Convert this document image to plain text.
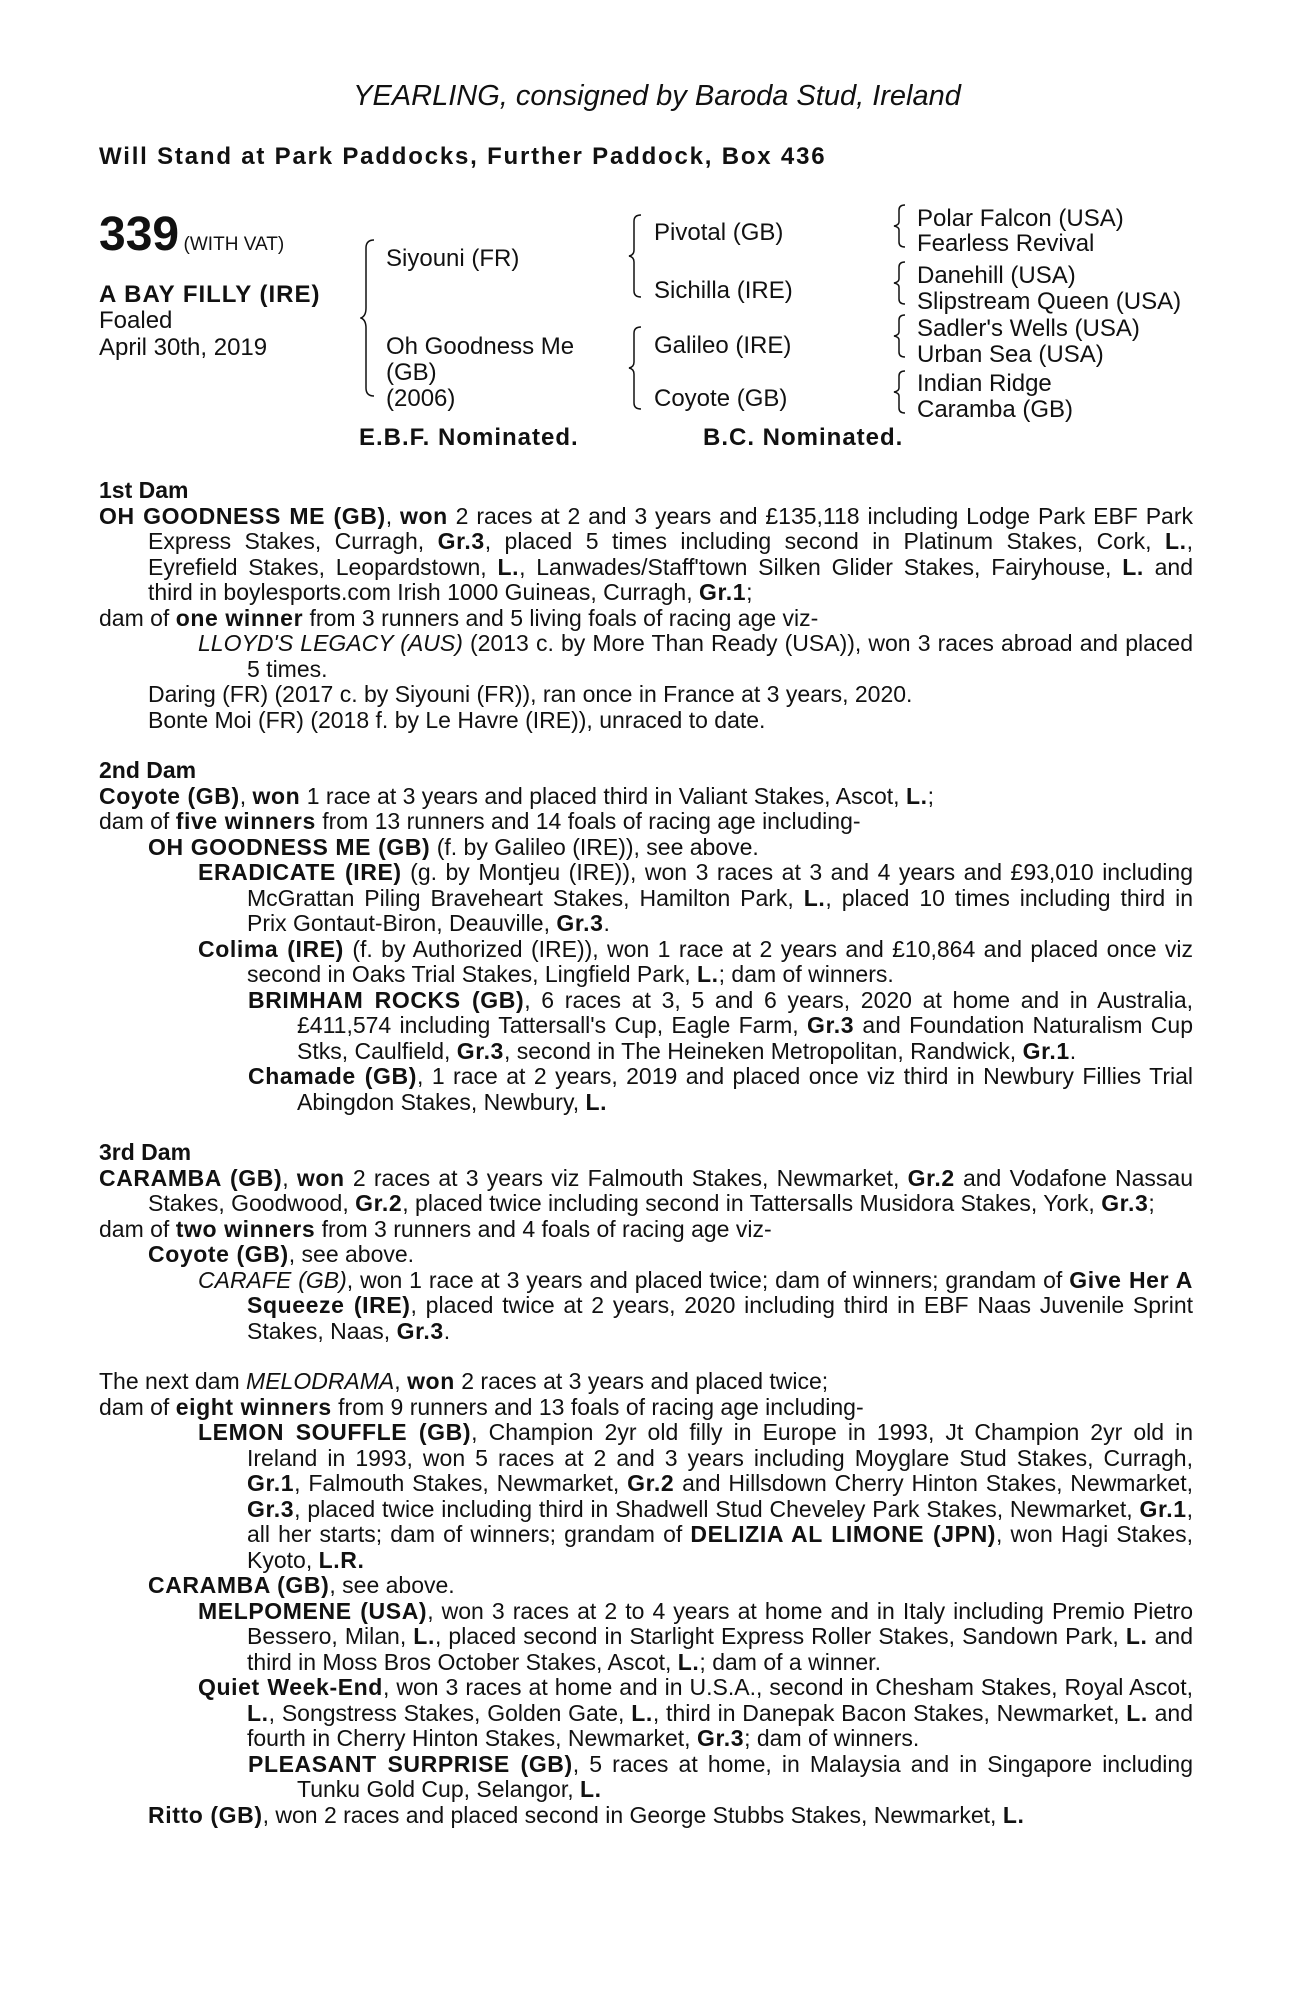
YEARLING, consigned by Baroda Stud, Ireland
Will Stand at Park Paddocks, Further Paddock, Box 436
339 (WITH VAT)
A BAY FILLY (IRE)
Foaled
April 30th, 2019
Siyouni (FR)
Oh Goodness Me
(GB)
(2006)
Pivotal (GB)
Sichilla (IRE)
Galileo (IRE)
Coyote (GB)
Polar Falcon (USA)
Fearless Revival
Danehill (USA)
Slipstream Queen (USA)
Sadler's Wells (USA)
Urban Sea (USA)
Indian Ridge
Caramba (GB)
E.B.F. Nominated.	B.C. Nominated.

1st Dam

OH GOODNESS ME (GB), won 2 races at 2 and 3 years and £135,118 including Lodge Park EBF Park Express Stakes, Curragh, Gr.3, placed 5 times including second in Platinum Stakes, Cork, L., Eyrefield Stakes, Leopardstown, L., Lanwades/Staff'town Silken Glider Stakes, Fairyhouse, L. and third in boylesports.com Irish 1000 Guineas, Curragh, Gr.1;

dam of one winner from 3 runners and 5 living foals of racing age viz-

LLOYD'S LEGACY (AUS) (2013 c. by More Than Ready (USA)), won 3 races abroad and placed 5 times.

Daring (FR) (2017 c. by Siyouni (FR)), ran once in France at 3 years, 2020.

Bonte Moi (FR) (2018 f. by Le Havre (IRE)), unraced to date.

2nd Dam

Coyote (GB), won 1 race at 3 years and placed third in Valiant Stakes, Ascot, L.;

dam of five winners from 13 runners and 14 foals of racing age including-

OH GOODNESS ME (GB) (f. by Galileo (IRE)), see above.

ERADICATE (IRE) (g. by Montjeu (IRE)), won 3 races at 3 and 4 years and £93,010 including McGrattan Piling Braveheart Stakes, Hamilton Park, L., placed 10 times including third in Prix Gontaut-Biron, Deauville, Gr.3.

Colima (IRE) (f. by Authorized (IRE)), won 1 race at 2 years and £10,864 and placed once viz second in Oaks Trial Stakes, Lingfield Park, L.; dam of winners.

BRIMHAM ROCKS (GB), 6 races at 3, 5 and 6 years, 2020 at home and in Australia, £411,574 including Tattersall's Cup, Eagle Farm, Gr.3 and Foundation Naturalism Cup Stks, Caulfield, Gr.3, second in The Heineken Metropolitan, Randwick, Gr.1.

Chamade (GB), 1 race at 2 years, 2019 and placed once viz third in Newbury Fillies Trial Abingdon Stakes, Newbury, L.

3rd Dam

CARAMBA (GB), won 2 races at 3 years viz Falmouth Stakes, Newmarket, Gr.2 and Vodafone Nassau Stakes, Goodwood, Gr.2, placed twice including second in Tattersalls Musidora Stakes, York, Gr.3;

dam of two winners from 3 runners and 4 foals of racing age viz-

Coyote (GB), see above.

CARAFE (GB), won 1 race at 3 years and placed twice; dam of winners; grandam of Give Her A Squeeze (IRE), placed twice at 2 years, 2020 including third in EBF Naas Juvenile Sprint Stakes, Naas, Gr.3.

The next dam MELODRAMA, won 2 races at 3 years and placed twice;

dam of eight winners from 9 runners and 13 foals of racing age including-

LEMON SOUFFLE (GB), Champion 2yr old filly in Europe in 1993, Jt Champion 2yr old in Ireland in 1993, won 5 races at 2 and 3 years including Moyglare Stud Stakes, Curragh, Gr.1, Falmouth Stakes, Newmarket, Gr.2 and Hillsdown Cherry Hinton Stakes, Newmarket, Gr.3, placed twice including third in Shadwell Stud Cheveley Park Stakes, Newmarket, Gr.1, all her starts; dam of winners; grandam of DELIZIA AL LIMONE (JPN), won Hagi Stakes, Kyoto, L.R.

CARAMBA (GB), see above.

MELPOMENE (USA), won 3 races at 2 to 4 years at home and in Italy including Premio Pietro Bessero, Milan, L., placed second in Starlight Express Roller Stakes, Sandown Park, L. and third in Moss Bros October Stakes, Ascot, L.; dam of a winner.

Quiet Week-End, won 3 races at home and in U.S.A., second in Chesham Stakes, Royal Ascot, L., Songstress Stakes, Golden Gate, L., third in Danepak Bacon Stakes, Newmarket, L. and fourth in Cherry Hinton Stakes, Newmarket, Gr.3; dam of winners.

PLEASANT SURPRISE (GB), 5 races at home, in Malaysia and in Singapore including Tunku Gold Cup, Selangor, L.

Ritto (GB), won 2 races and placed second in George Stubbs Stakes, Newmarket, L.
